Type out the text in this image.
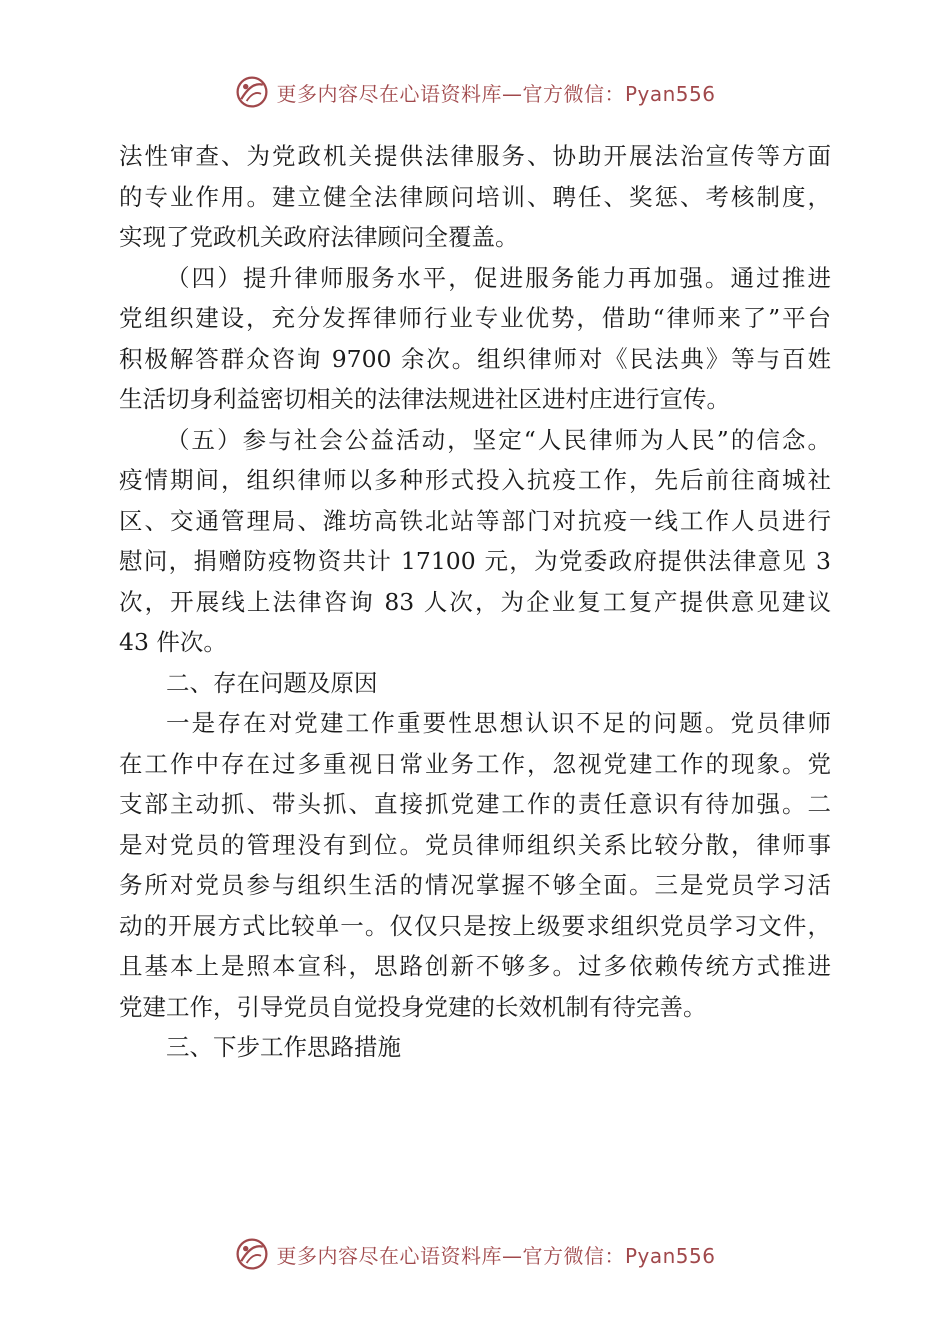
更多内容尽在心语资料库—官方微信：Pyan556
法性审查、为党政机关提供法律服务、协助开展法治宣传等方面
的专业作用。建立健全法律顾问培训、聘任、奖惩、考核制度，
实现了党政机关政府法律顾问全覆盖。
（四）提升律师服务水平，促进服务能力再加强。通过推进
党组织建设，充分发挥律师行业专业优势，借助“律师来了”平台
积极解答群众咨询 9700 余次。组织律师对《民法典》等与百姓
生活切身利益密切相关的法律法规进社区进村庄进行宣传。
（五）参与社会公益活动，坚定“人民律师为人民”的信念。
疫情期间，组织律师以多种形式投入抗疫工作，先后前往商城社
区、交通管理局、潍坊高铁北站等部门对抗疫一线工作人员进行
慰问，捐赠防疫物资共计 17100 元，为党委政府提供法律意见 3
次，开展线上法律咨询 83 人次，为企业复工复产提供意见建议
43 件次。
二、存在问题及原因
一是存在对党建工作重要性思想认识不足的问题。党员律师
在工作中存在过多重视日常业务工作，忽视党建工作的现象。党
支部主动抓、带头抓、直接抓党建工作的责任意识有待加强。二
是对党员的管理没有到位。党员律师组织关系比较分散，律师事
务所对党员参与组织生活的情况掌握不够全面。三是党员学习活
动的开展方式比较单一。仅仅只是按上级要求组织党员学习文件，
且基本上是照本宣科，思路创新不够多。过多依赖传统方式推进
党建工作，引导党员自觉投身党建的长效机制有待完善。
三、下步工作思路措施
更多内容尽在心语资料库—官方微信：Pyan556
